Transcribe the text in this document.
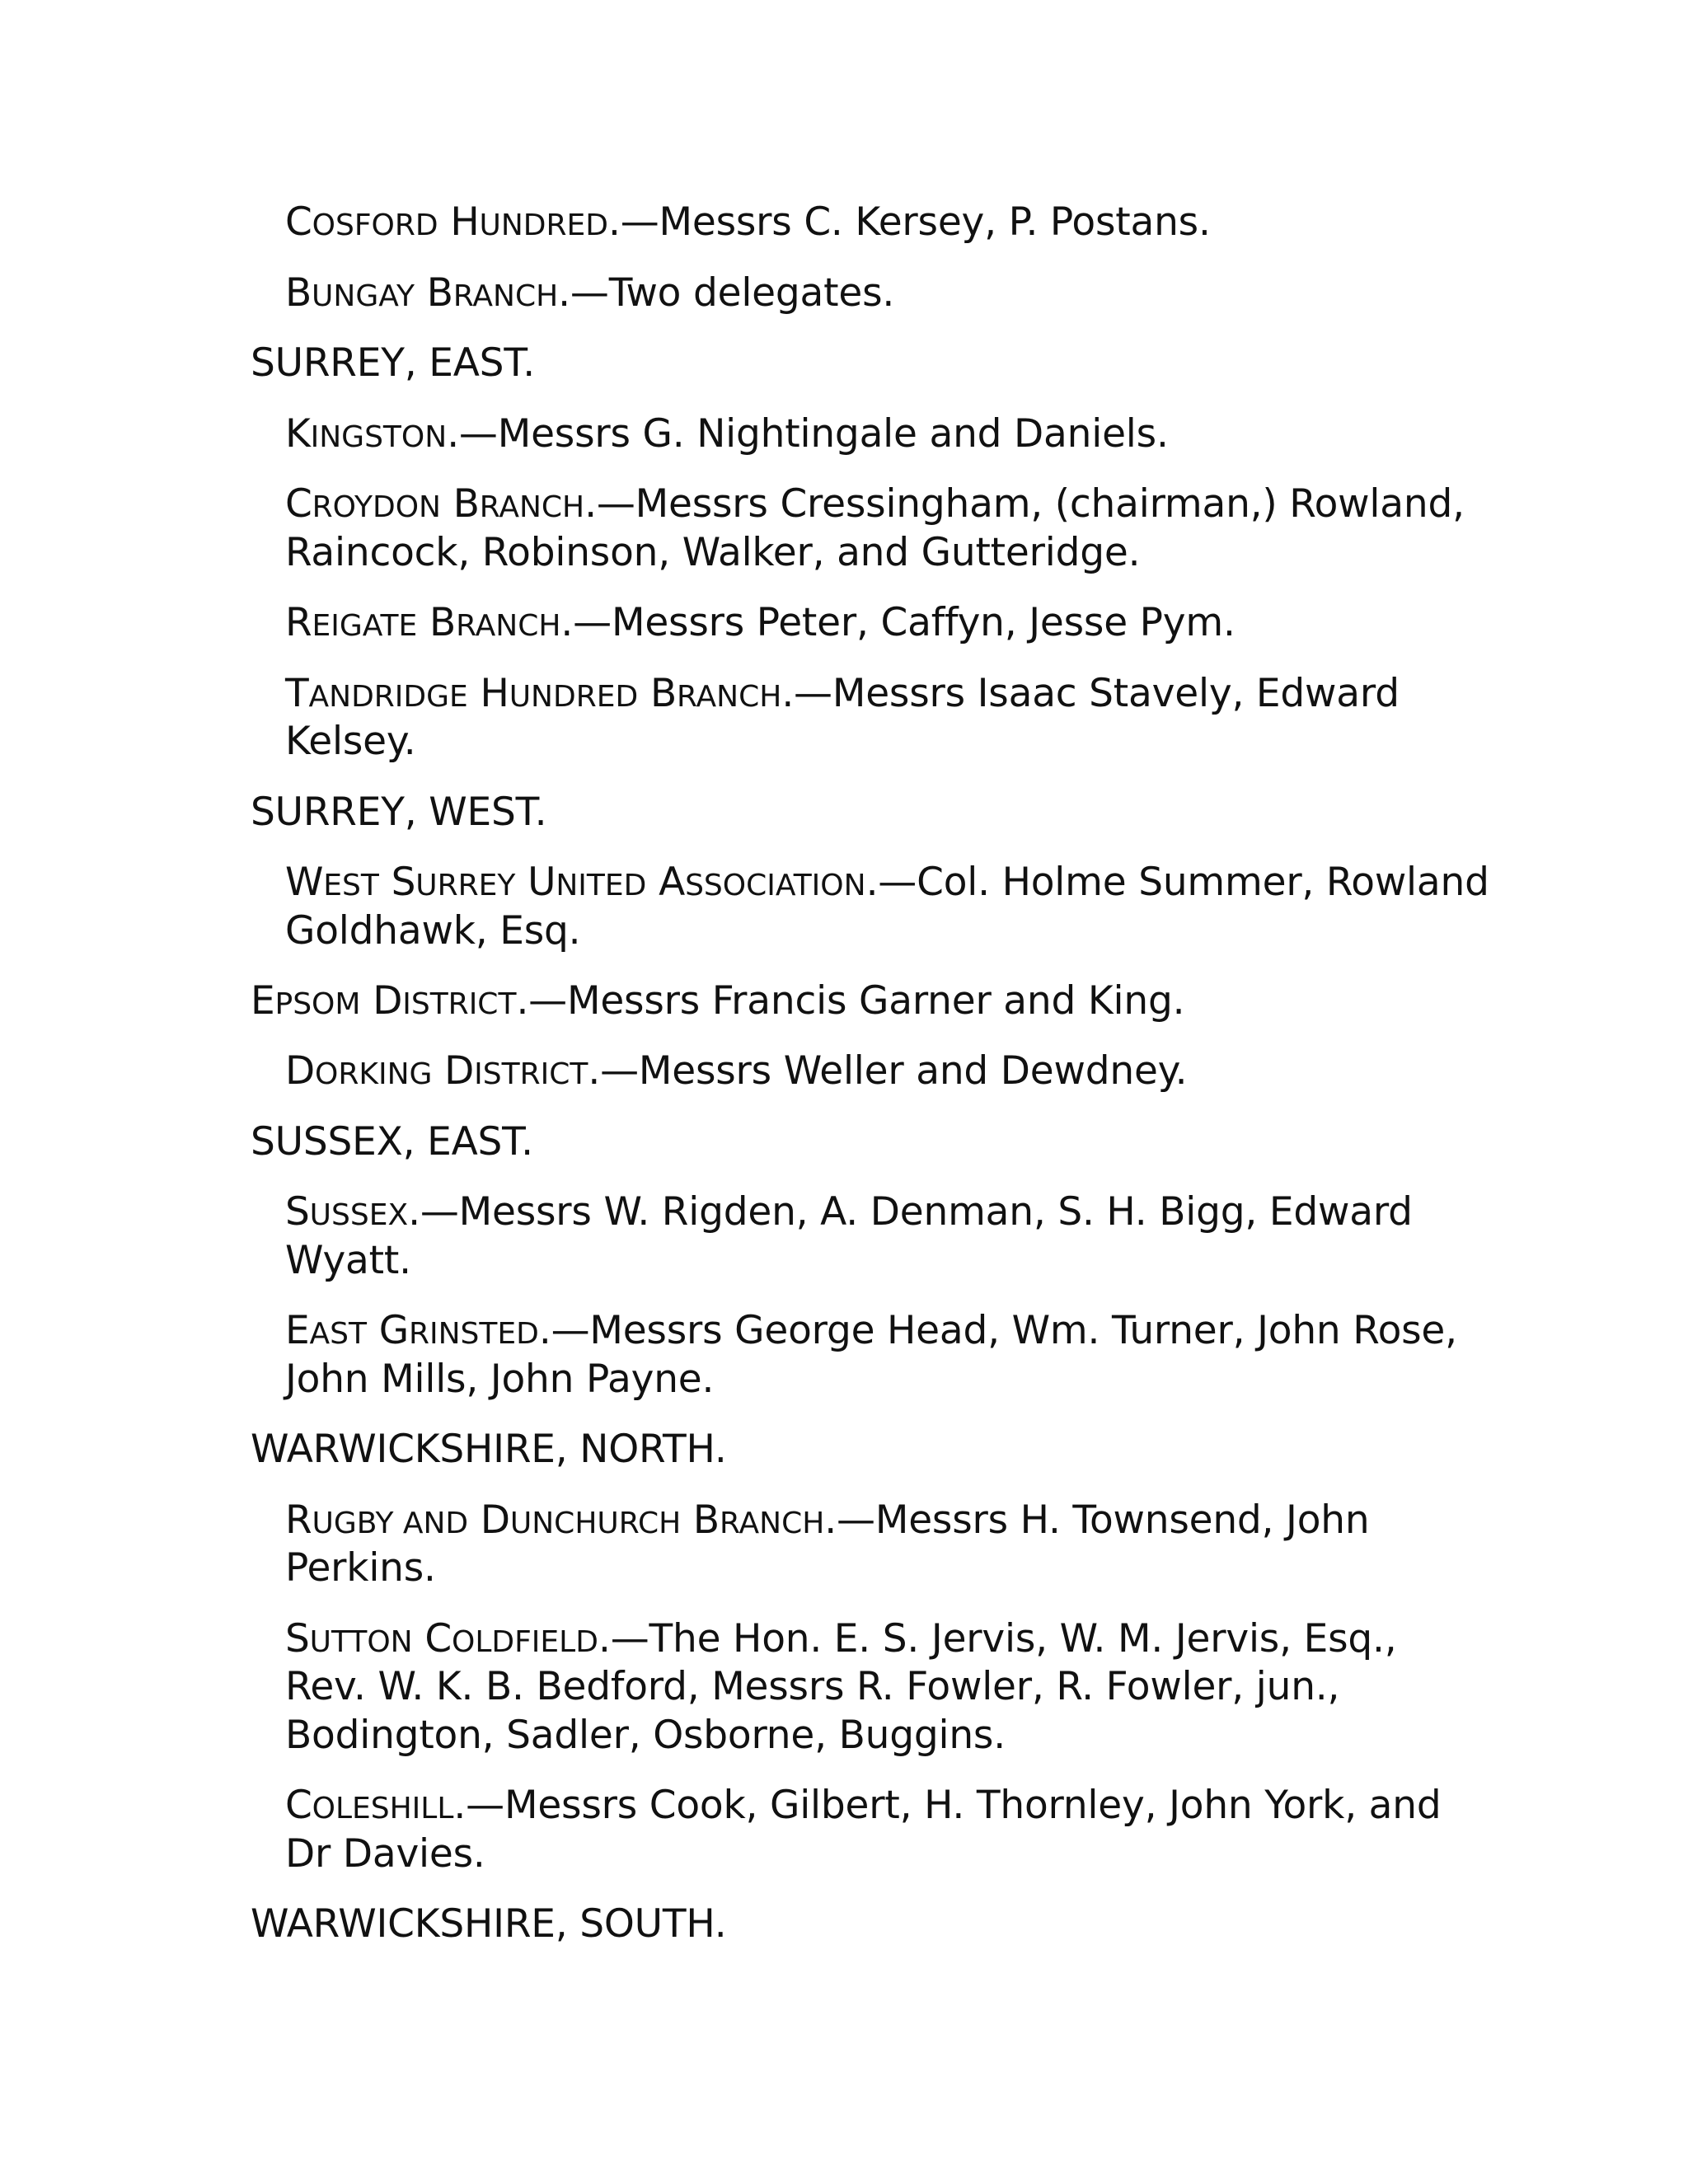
COSFORD HUNDRED.—Messrs C. Kersey, P. Postans.
BUNGAY BRANCH.—Two delegates.
SURREY, EAST.
KINGSTON.—Messrs G. Nightingale and Daniels.
CROYDON BRANCH.—Messrs Cressingham, (chairman,) Rowland,
Raincock, Robinson, Walker, and Gutteridge.
REIGATE BRANCH.—Messrs Peter, Caffyn, Jesse Pym.
TANDRIDGE HUNDRED BRANCH.—Messrs Isaac Stavely, Edward
Kelsey.
SURREY, WEST.
WEST SURREY UNITED ASSOCIATION.—Col. Holme Summer, Rowland
Goldhawk, Esq.
EPSOM DISTRICT.—Messrs Francis Garner and King.
DORKING DISTRICT.—Messrs Weller and Dewdney.
SUSSEX, EAST.
SUSSEX.—Messrs W. Rigden, A. Denman, S. H. Bigg, Edward
Wyatt.
EAST GRINSTED.—Messrs George Head, Wm. Turner, John Rose,
John Mills, John Payne.
WARWICKSHIRE, NORTH.
RUGBY AND DUNCHURCH BRANCH.—Messrs H. Townsend, John
Perkins.
SUTTON COLDFIELD.—The Hon. E. S. Jervis, W. M. Jervis, Esq.,
Rev. W. K. B. Bedford, Messrs R. Fowler, R. Fowler, jun.,
Bodington, Sadler, Osborne, Buggins.
COLESHILL.—Messrs Cook, Gilbert, H. Thornley, John York, and
Dr Davies.
WARWICKSHIRE, SOUTH.
